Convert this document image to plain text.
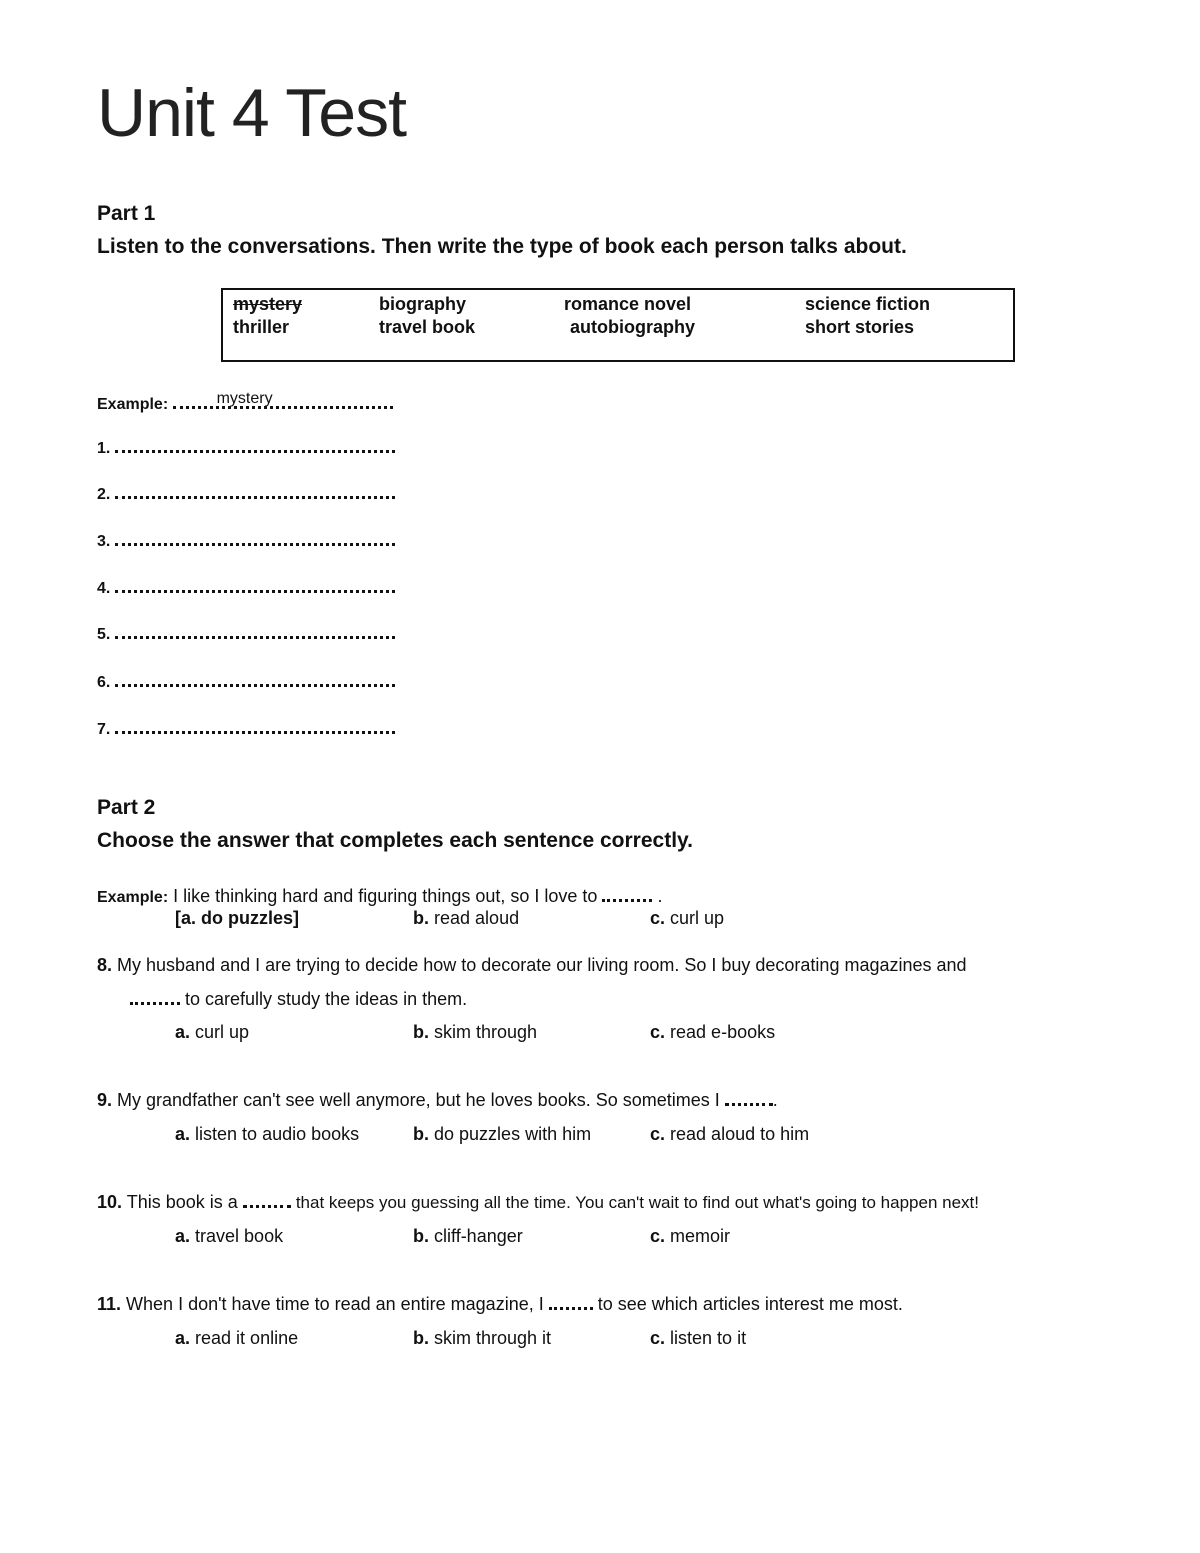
Unit 4 Test
Part 1
Listen to the conversations. Then write the type of book each person talks about.
mystery	biography	romance novel	science fiction
thriller	travel book	autobiography	short stories
Example:	mystery
1.
2.
3.
4.
5.
6.
7.
Part 2
Choose the answer that completes each sentence correctly.
Example: I like thinking hard and figuring things out, so I love to	.
[a. do puzzles]	b. read aloud	c. curl up
8. My husband and I are trying to decide how to decorate our living room. So I buy decorating magazines and
to carefully study the ideas in them.
a. curl up	b. skim through	c. read e-books
9. My grandfather can't see well anymore, but he loves books. So sometimes I	.
a. listen to audio books	b. do puzzles with him	c. read aloud to him
10. This book is a	that keeps you guessing all the time. You can't wait to find out what's going to happen next!
a. travel book	b. cliff-hanger	c. memoir
11. When I don't have time to read an entire magazine, I	to see which articles interest me most.
a. read it online	b. skim through it	c. listen to it
